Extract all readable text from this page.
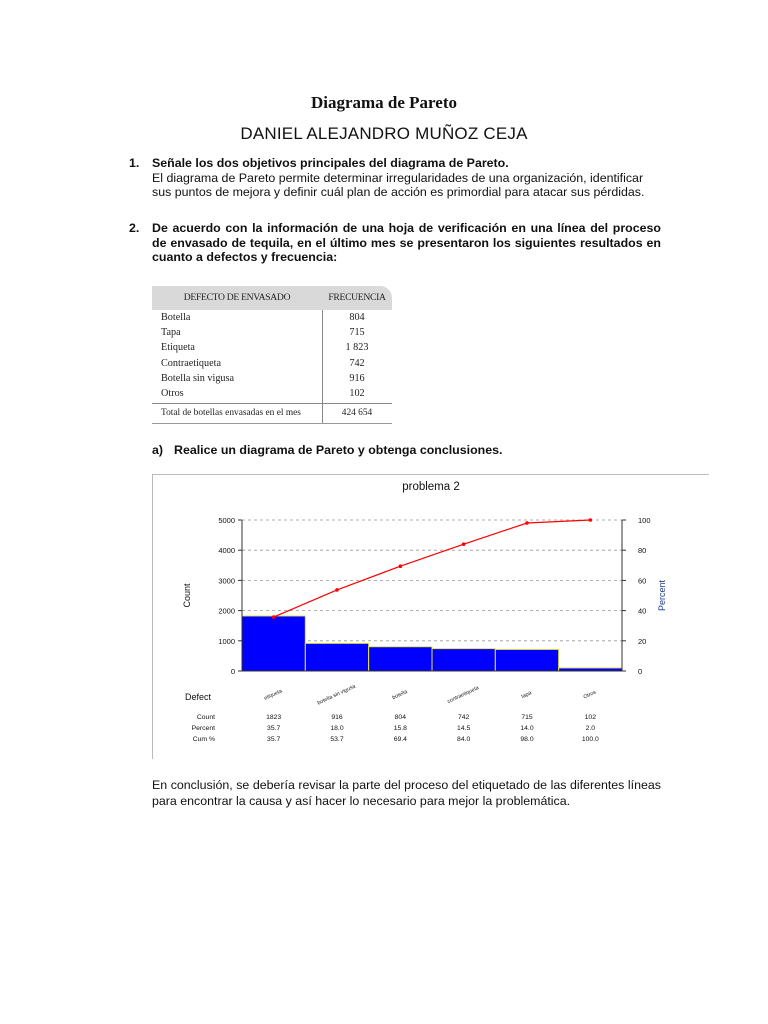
Diagrama de Pareto
DANIEL ALEJANDRO MUÑOZ CEJA
1. Señale los dos objetivos principales del diagrama de Pareto.
El diagrama de Pareto permite determinar irregularidades de una organización, identificar sus puntos de mejora y definir cuál plan de acción es primordial para atacar sus pérdidas.
2. De acuerdo con la información de una hoja de verificación en una línea del proceso de envasado de tequila, en el último mes se presentaron los siguientes resultados en cuanto a defectos y frecuencia:
DEFECTO DE ENVASADO	FRECUENCIA
Botella	804
Tapa	715
Etiqueta	1 823
Contraetiqueta	742
Botella sin vigusa	916
Otros	102
Total de botellas envasadas en el mes	424 654
a) Realice un diagrama de Pareto y obtenga conclusiones.
problema 2
0
1000
2000
3000
4000
5000
0
20
40
60
80
100
Count	Percent
etiqueta	botella sin vigusa	botella	contraetiqueta	tapa	Otros
Defect
Count	1823	916	804	742	715	102
Percent	35.7	18.0	15.8	14.5	14.0	2.0
Cum %	35.7	53.7	69.4	84.0	98.0	100.0
En conclusión, se debería revisar la parte del proceso del etiquetado de las diferentes líneas para encontrar la causa y así hacer lo necesario para mejor la problemática.
